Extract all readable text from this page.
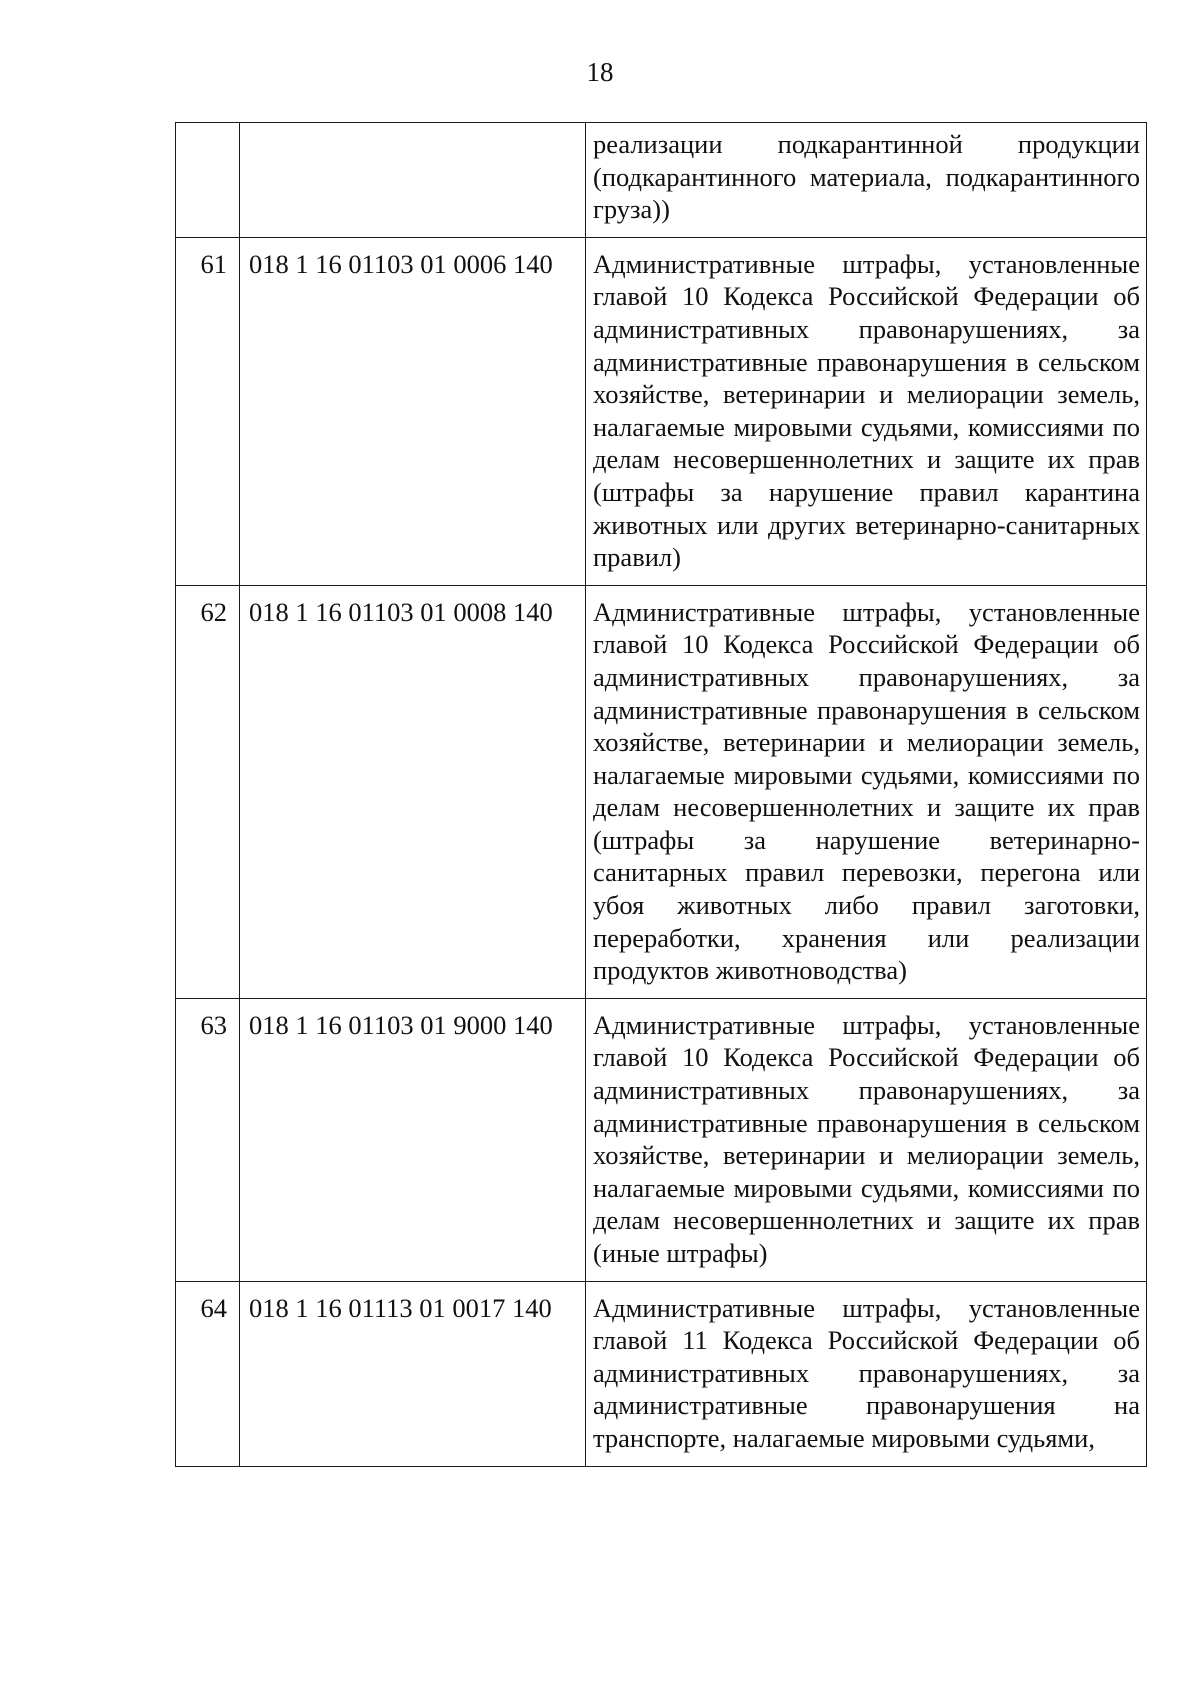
18
		реализации подкарантинной продукции (подкарантинного материала, подкарантинного груза))
61	018 1 16 01103 01 0006 140	Административные штрафы, установленные главой 10 Кодекса Российской Федерации об административных правонарушениях, за административные правонарушения в сельском хозяйстве, ветеринарии и мелиорации земель, налагаемые мировыми судьями, комиссиями по делам несовершеннолетних и защите их прав (штрафы за нарушение правил карантина животных или других ветеринарно-санитарных правил)
62	018 1 16 01103 01 0008 140	Административные штрафы, установленные главой 10 Кодекса Российской Федерации об административных правонарушениях, за административные правонарушения в сельском хозяйстве, ветеринарии и мелиорации земель, налагаемые мировыми судьями, комиссиями по делам несовершеннолетних и защите их прав (штрафы за нарушение ветеринарно-санитарных правил перевозки, перегона или убоя животных либо правил заготовки, переработки, хранения или реализации продуктов животноводства)
63	018 1 16 01103 01 9000 140	Административные штрафы, установленные главой 10 Кодекса Российской Федерации об административных правонарушениях, за административные правонарушения в сельском хозяйстве, ветеринарии и мелиорации земель, налагаемые мировыми судьями, комиссиями по делам несовершеннолетних и защите их прав (иные штрафы)
64	018 1 16 01113 01 0017 140	Административные штрафы, установленные главой 11 Кодекса Российской Федерации об административных правонарушениях, за административные правонарушения на транспорте, налагаемые мировыми судьями,
